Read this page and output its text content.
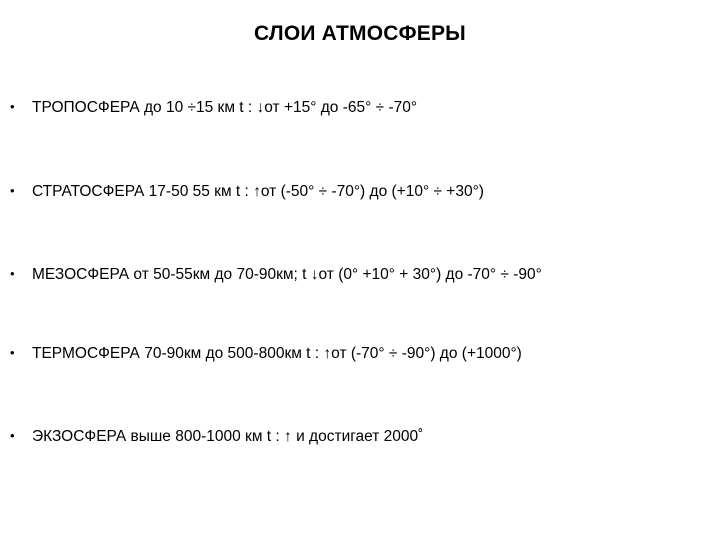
СЛОИ АТМОСФЕРЫ
• ТРОПОСФЕРА до 10 ÷15 км t : ↓от +15° до -65° ÷ -70°
• СТРАТОСФЕРА 17-50 55 км t : ↑от (-50° ÷ -70°) до (+10° ÷ +30°)
• МЕЗОСФЕРА от 50-55км до 70-90км; t ↓от (0° +10° + 30°) до -70° ÷ -90°
• ТЕРМОСФЕРА 70-90км до 500-800км t : ↑от (-70° ÷ -90°) до (+1000°)
• ЭКЗОСФЕРА выше 800-1000 км t : ↑ и достигает 2000˚
